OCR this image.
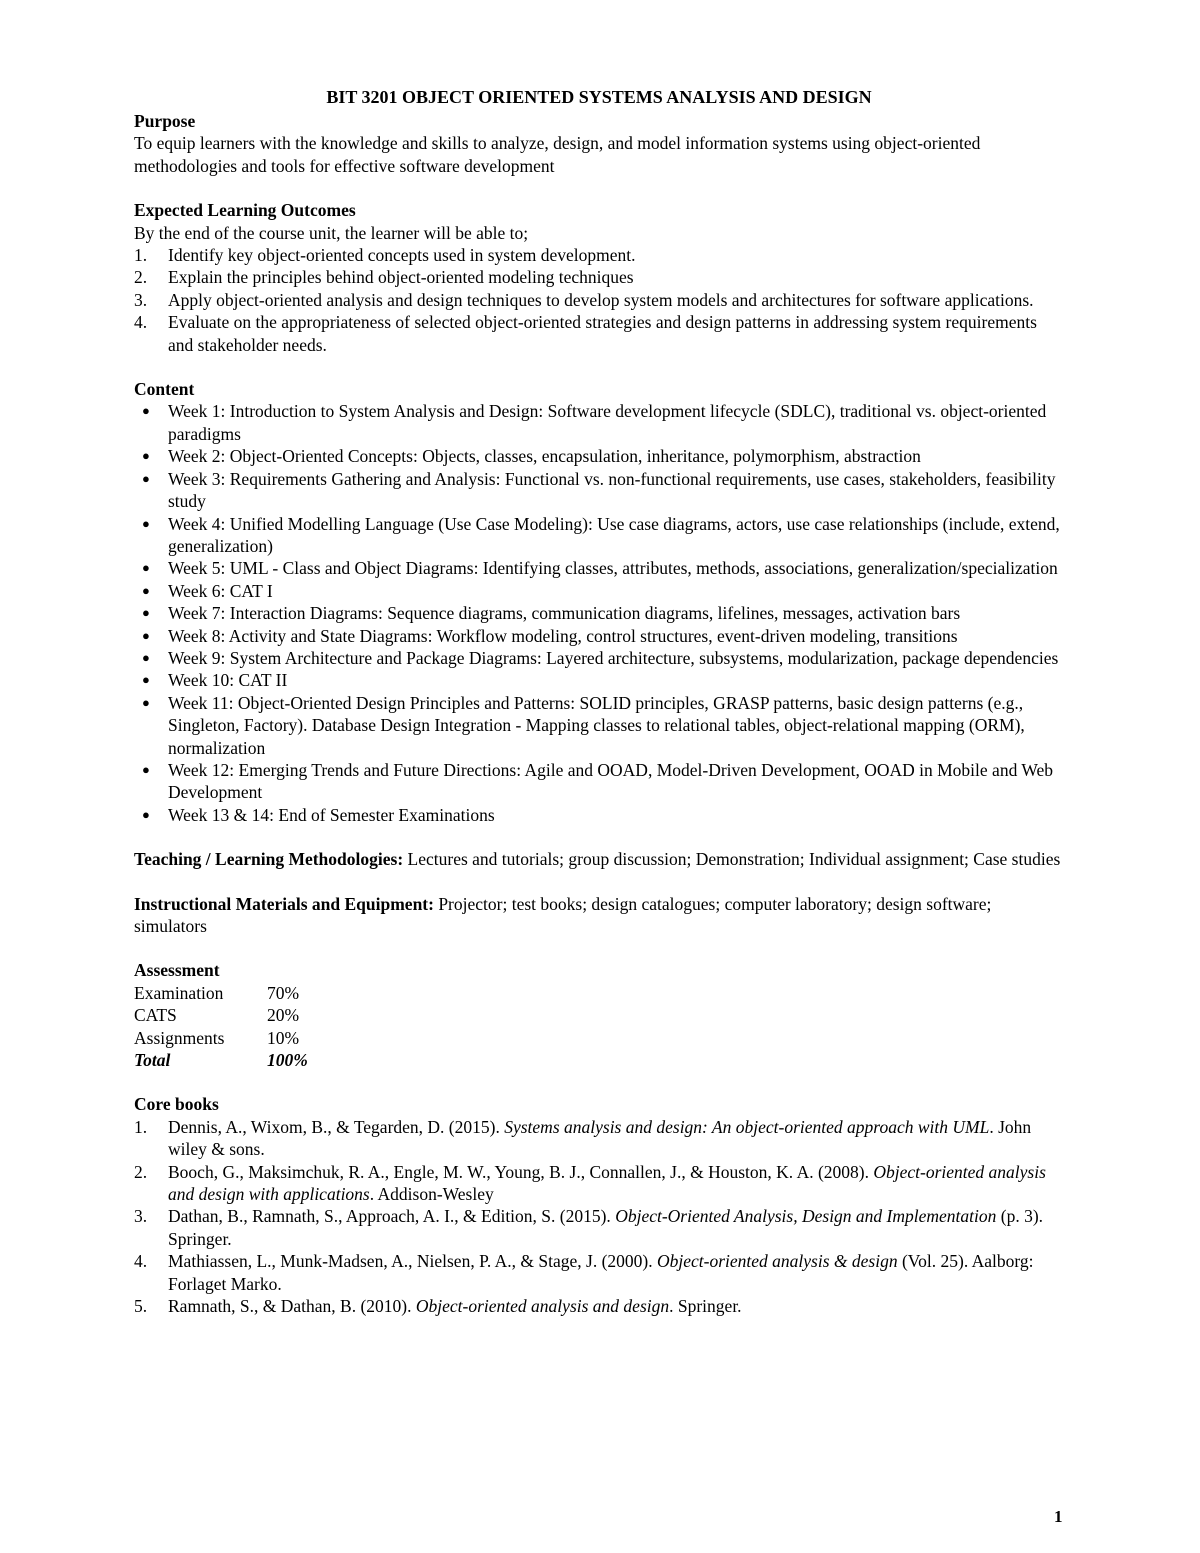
BIT 3201 OBJECT ORIENTED SYSTEMS ANALYSIS AND DESIGN

Purpose

To equip learners with the knowledge and skills to analyze, design, and model information systems using object-oriented methodologies and tools for effective software development

Expected Learning Outcomes

By the end of the course unit, the learner will be able to;

1. Identify key object-oriented concepts used in system development.
2. Explain the principles behind object-oriented modeling techniques
3. Apply object-oriented analysis and design techniques to develop system models and architectures for software applications.
4. Evaluate on the appropriateness of selected object-oriented strategies and design patterns in addressing system requirements and stakeholder needs.

Content

● Week 1: Introduction to System Analysis and Design: Software development lifecycle (SDLC), traditional vs. object-oriented paradigms
● Week 2: Object-Oriented Concepts: Objects, classes, encapsulation, inheritance, polymorphism, abstraction
● Week 3: Requirements Gathering and Analysis: Functional vs. non-functional requirements, use cases, stakeholders, feasibility study
● Week 4: Unified Modelling Language (Use Case Modeling): Use case diagrams, actors, use case relationships (include, extend, generalization)
● Week 5: UML - Class and Object Diagrams: Identifying classes, attributes, methods, associations, generalization/specialization
● Week 6: CAT I
● Week 7: Interaction Diagrams: Sequence diagrams, communication diagrams, lifelines, messages, activation bars
● Week 8: Activity and State Diagrams: Workflow modeling, control structures, event-driven modeling, transitions
● Week 9: System Architecture and Package Diagrams: Layered architecture, subsystems, modularization, package dependencies
● Week 10: CAT II
● Week 11: Object-Oriented Design Principles and Patterns: SOLID principles, GRASP patterns, basic design patterns (e.g., Singleton, Factory). Database Design Integration - Mapping classes to relational tables, object-relational mapping (ORM), normalization
● Week 12: Emerging Trends and Future Directions: Agile and OOAD, Model-Driven Development, OOAD in Mobile and Web Development
● Week 13 & 14: End of Semester Examinations

Teaching / Learning Methodologies: Lectures and tutorials; group discussion; Demonstration; Individual assignment; Case studies

Instructional Materials and Equipment: Projector; test books; design catalogues; computer laboratory; design software; simulators

Assessment

Examination	70%
CATS	20%
Assignments	10%
Total	100%

Core books

1. Dennis, A., Wixom, B., & Tegarden, D. (2015). Systems analysis and design: An object-oriented approach with UML. John wiley & sons.
2. Booch, G., Maksimchuk, R. A., Engle, M. W., Young, B. J., Connallen, J., & Houston, K. A. (2008). Object-oriented analysis and design with applications. Addison-Wesley
3. Dathan, B., Ramnath, S., Approach, A. I., & Edition, S. (2015). Object-Oriented Analysis, Design and Implementation (p. 3). Springer.
4. Mathiassen, L., Munk-Madsen, A., Nielsen, P. A., & Stage, J. (2000). Object-oriented analysis & design (Vol. 25). Aalborg: Forlaget Marko.
5. Ramnath, S., & Dathan, B. (2010). Object-oriented analysis and design. Springer.
1
